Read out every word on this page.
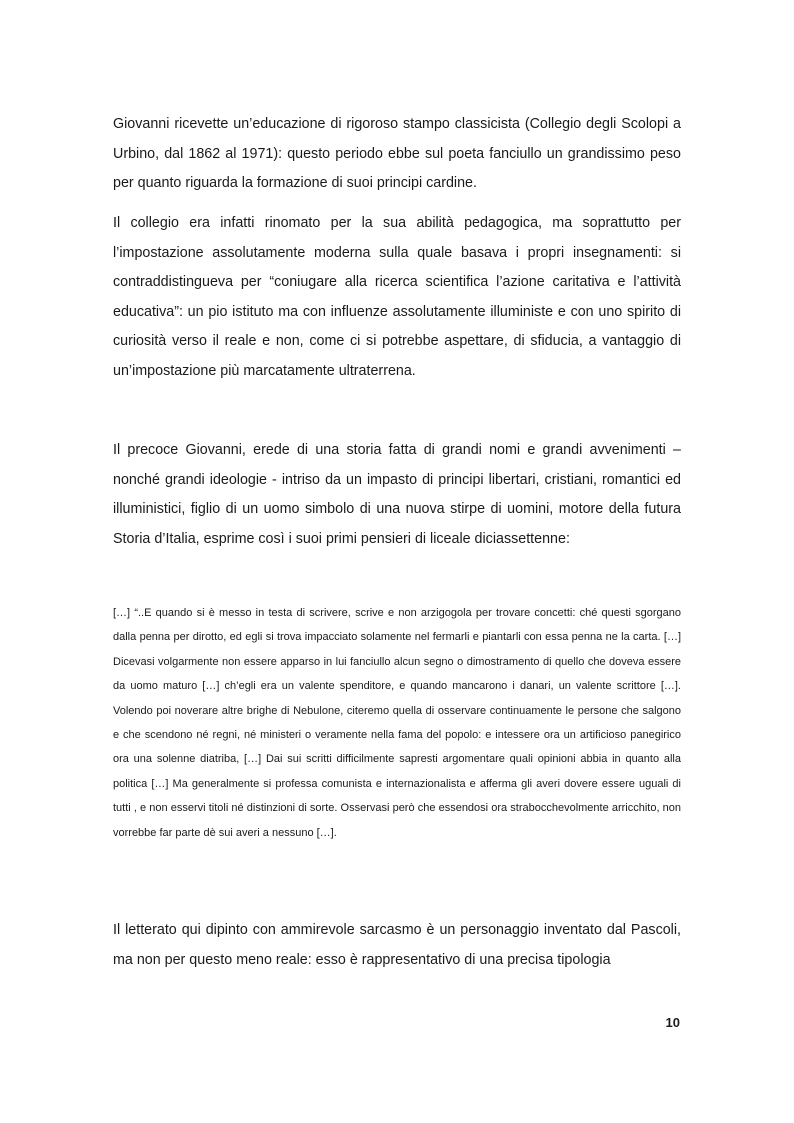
Giovanni ricevette un’educazione di rigoroso stampo classicista (Collegio degli Scolopi a Urbino, dal 1862 al 1971): questo periodo ebbe sul poeta fanciullo un grandissimo peso per quanto riguarda la formazione di suoi principi cardine.

Il collegio era infatti rinomato per la sua abilità pedagogica, ma soprattutto per l’impostazione assolutamente moderna sulla quale basava i propri insegnamenti: si contraddistingueva per “coniugare alla ricerca scientifica l’azione caritativa e l’attività educativa”: un pio istituto ma con influenze assolutamente illuministe e con uno spirito di curiosità verso il reale e non, come ci si potrebbe aspettare, di sfiducia, a vantaggio di un’impostazione più marcatamente ultraterrena.

Il precoce Giovanni, erede di una storia fatta di grandi nomi e grandi avvenimenti – nonché grandi ideologie - intriso da un impasto di principi libertari, cristiani, romantici ed illuministici, figlio di un uomo simbolo di una nuova stirpe di uomini, motore della futura Storia d’Italia, esprime così i suoi primi pensieri di liceale diciassettenne:

[…] “..E quando si è messo in testa di scrivere, scrive e non arzigogola per trovare concetti: ché questi sgorgano dalla penna per dirotto, ed egli si trova impacciato solamente nel fermarli e piantarli con essa penna ne la carta. […] Dicevasi volgarmente non essere apparso in lui fanciullo alcun segno o dimostramento di quello che doveva essere da uomo maturo […] ch’egli era un valente spenditore, e quando mancarono i danari, un valente scrittore […]. Volendo poi noverare altre brighe di Nebulone, citeremo quella di osservare continuamente le persone che salgono e che scendono né regni, né ministeri o veramente nella fama del popolo: e intessere ora un artificioso panegirico ora una solenne diatriba, […] Dai sui scritti difficilmente sapresti argomentare quali opinioni abbia in quanto alla politica […] Ma generalmente si professa comunista e internazionalista e afferma gli averi dovere essere uguali di tutti , e non esservi titoli né distinzioni di sorte. Osservasi però che essendosi ora strabocchevolmente arricchito, non vorrebbe far parte dè sui averi a nessuno […].

Il letterato qui dipinto con ammirevole sarcasmo è un personaggio inventato dal Pascoli, ma non per questo meno reale: esso è rappresentativo di una precisa tipologia

10
